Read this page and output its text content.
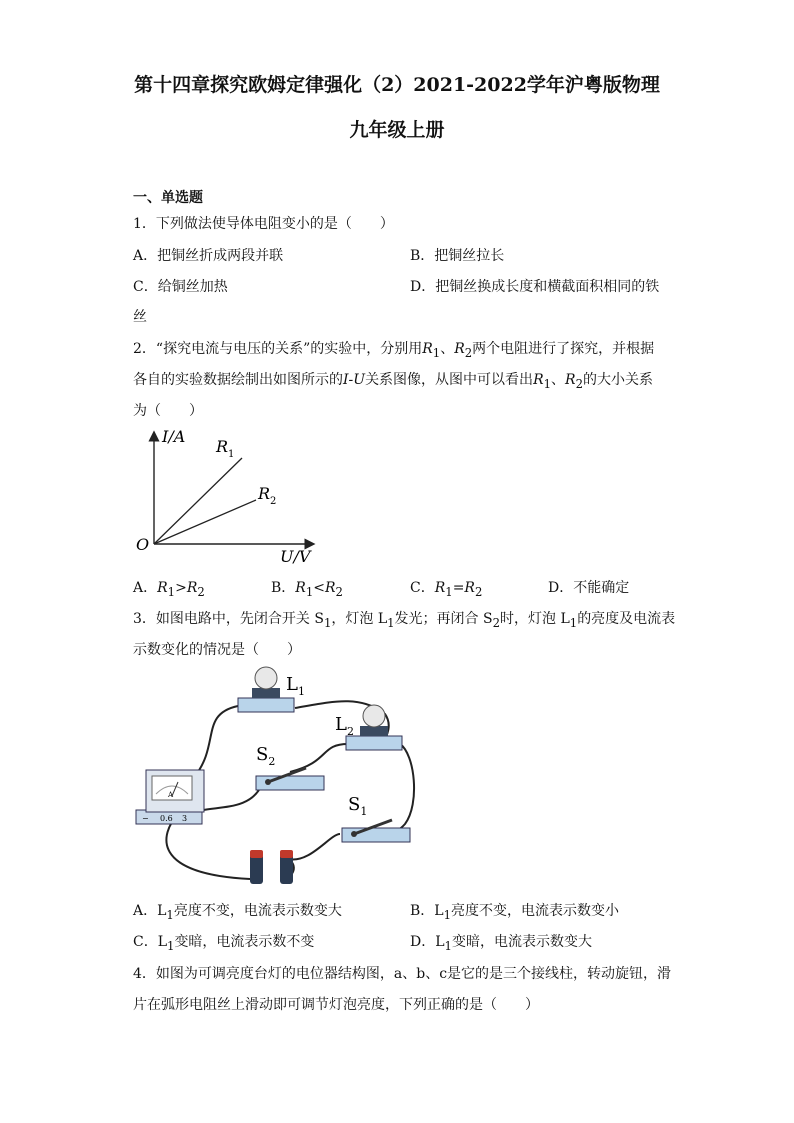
第十四章探究欧姆定律强化（2）2021-2022学年沪粤版物理
九年级上册
一、单选题
1．下列做法使导体电阻变小的是（　　）
A．把铜丝折成两段并联	B．把铜丝拉长
C．给铜丝加热	D．把铜丝换成长度和横截面积相同的铁
丝
2．“探究电流与电压的关系”的实验中，分别用$R_1$、$R_2$两个电阻进行了探究，并根据
各自的实验数据绘制出如图所示的I-U关系图像，从图中可以看出$R_1$、$R_2$的大小关系
为（　　）
I/A
U/V
O
$R_1$
$R_2$
A．$R_1>R_2$	B．$R_1<R_2$	C．$R_1=R_2$	D．不能确定
3．如图电路中，先闭合开关 $S_1$，灯泡 $L_1$发光；再闭合 $S_2$时，灯泡 $L_1$的亮度及电流表
示数变化的情况是（　　）
$L_1$
$L_2$
$S_2$
$S_1$
A
− 0.6 3
A．$L_1$亮度不变，电流表示数变大	B．$L_1$亮度不变，电流表示数变小
C．$L_1$变暗，电流表示数不变	D．$L_1$变暗，电流表示数变大
4．如图为可调亮度台灯的电位器结构图，a、b、c是它的是三个接线柱，转动旋钮，滑
片在弧形电阻丝上滑动即可调节灯泡亮度，下列正确的是（　　）
